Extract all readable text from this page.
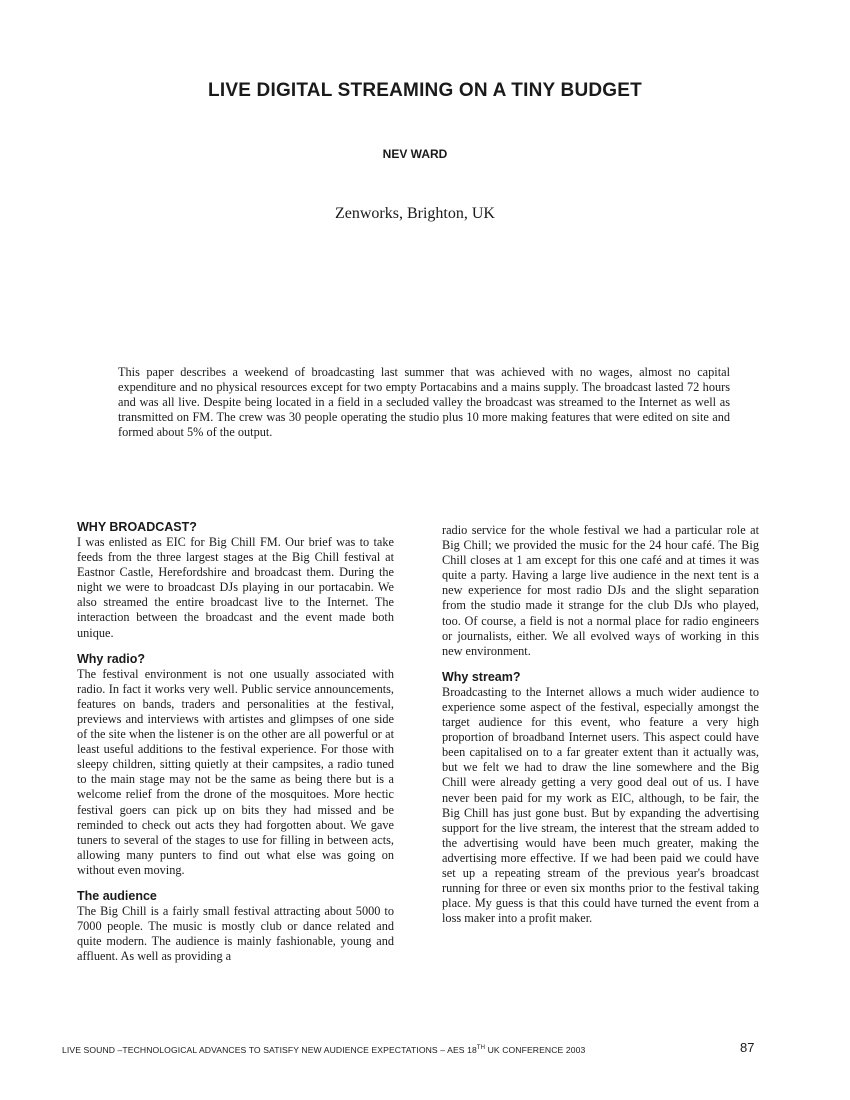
LIVE DIGITAL STREAMING ON A TINY BUDGET
NEV WARD
Zenworks, Brighton, UK
This paper describes a weekend of broadcasting last summer that was achieved with no wages, almost no capital expenditure and no physical resources except for two empty Portacabins and a mains supply. The broadcast lasted 72 hours and was all live. Despite being located in a field in a secluded valley the broadcast was streamed to the Internet as well as transmitted on FM. The crew was 30 people operating the studio plus 10 more making features that were edited on site and formed about 5% of the output.
WHY BROADCAST?

I was enlisted as EIC for Big Chill FM. Our brief was to take feeds from the three largest stages at the Big Chill festival at Eastnor Castle, Herefordshire and broadcast them. During the night we were to broadcast DJs playing in our portacabin. We also streamed the entire broadcast live to the Internet. The interaction between the broadcast and the event made both unique.

Why radio?

The festival environment is not one usually associated with radio. In fact it works very well. Public service announcements, features on bands, traders and personalities at the festival, previews and interviews with artistes and glimpses of one side of the site when the listener is on the other are all powerful or at least useful additions to the festival experience. For those with sleepy children, sitting quietly at their campsites, a radio tuned to the main stage may not be the same as being there but is a welcome relief from the drone of the mosquitoes. More hectic festival goers can pick up on bits they had missed and be reminded to check out acts they had forgotten about. We gave tuners to several of the stages to use for filling in between acts, allowing many punters to find out what else was going on without even moving.

The audience

The Big Chill is a fairly small festival attracting about 5000 to 7000 people. The music is mostly club or dance related and quite modern. The audience is mainly fashionable, young and affluent. As well as providing a

radio service for the whole festival we had a particular role at Big Chill; we provided the music for the 24 hour café. The Big Chill closes at 1 am except for this one café and at times it was quite a party. Having a large live audience in the next tent is a new experience for most radio DJs and the slight separation from the studio made it strange for the club DJs who played, too. Of course, a field is not a normal place for radio engineers or journalists, either. We all evolved ways of working in this new environment.

Why stream?

Broadcasting to the Internet allows a much wider audience to experience some aspect of the festival, especially amongst the target audience for this event, who feature a very high proportion of broadband Internet users. This aspect could have been capitalised on to a far greater extent than it actually was, but we felt we had to draw the line somewhere and the Big Chill were already getting a very good deal out of us. I have never been paid for my work as EIC, although, to be fair, the Big Chill has just gone bust. But by expanding the advertising support for the live stream, the interest that the stream added to the advertising would have been much greater, making the advertising more effective. If we had been paid we could have set up a repeating stream of the previous year's broadcast running for three or even six months prior to the festival taking place. My guess is that this could have turned the event from a loss maker into a profit maker.

LIVE SOUND –TECHNOLOGICAL ADVANCES TO SATISFY NEW AUDIENCE EXPECTATIONS – AES 18TH UK CONFERENCE 2003	87
